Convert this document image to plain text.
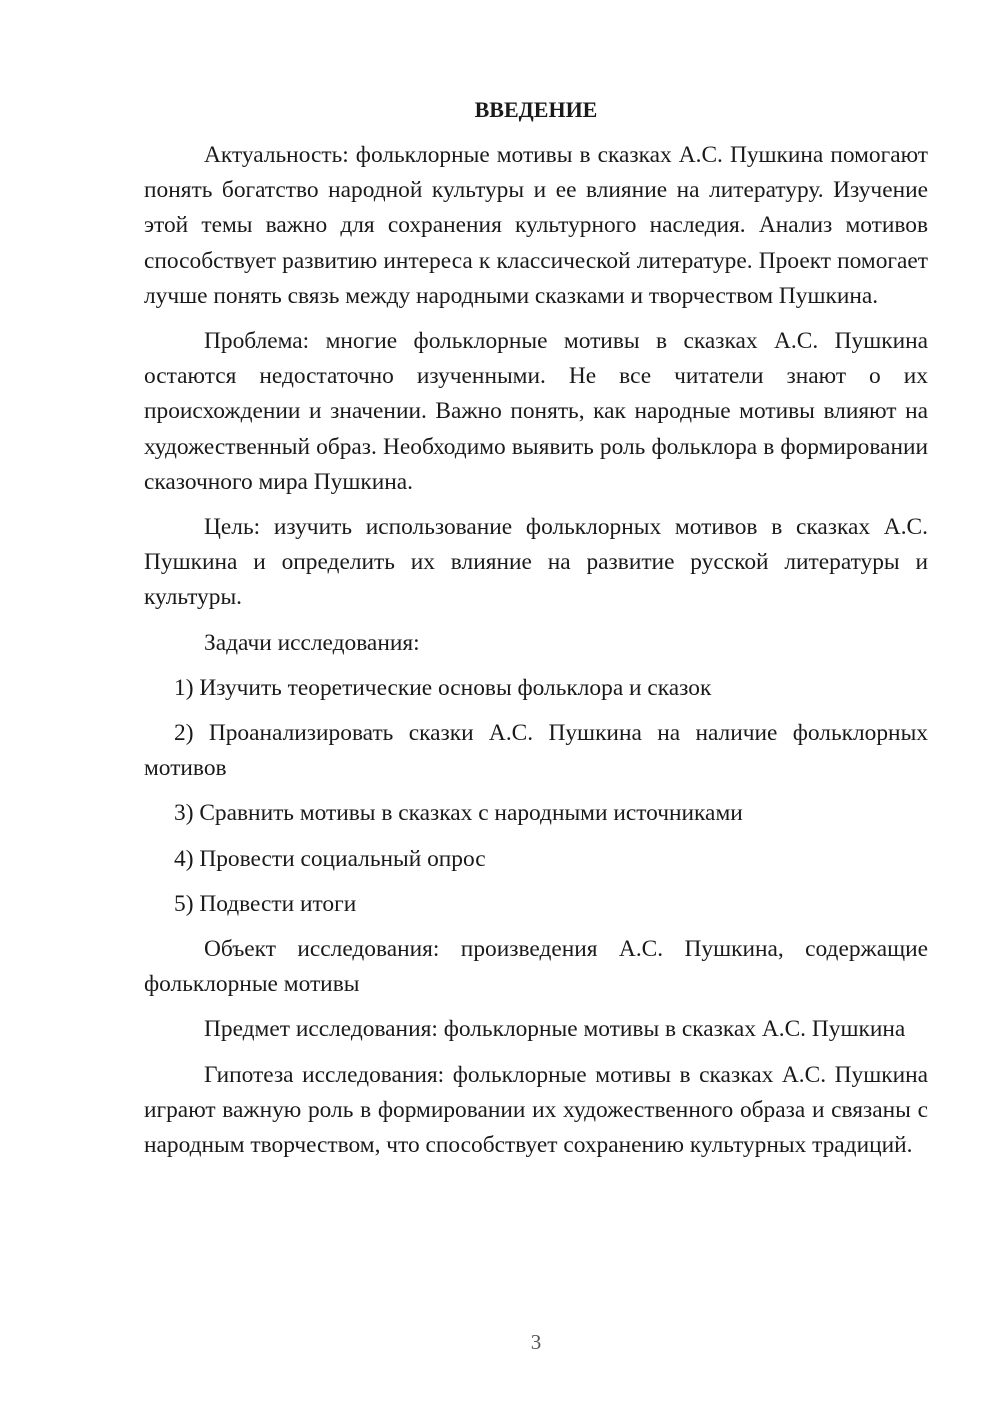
ВВЕДЕНИЕ

Актуальность: фольклорные мотивы в сказках А.С. Пушкина помогают понять богатство народной культуры и ее влияние на литературу. Изучение этой темы важно для сохранения культурного наследия. Анализ мотивов способствует развитию интереса к классической литературе. Проект помогает лучше понять связь между народными сказками и творчеством Пушкина.

Проблема: многие фольклорные мотивы в сказках А.С. Пушкина остаются недостаточно изученными. Не все читатели знают о их происхождении и значении. Важно понять, как народные мотивы влияют на художественный образ. Необходимо выявить роль фольклора в формировании сказочного мира Пушкина.

Цель: изучить использование фольклорных мотивов в сказках А.С. Пушкина и определить их влияние на развитие русской литературы и культуры.

Задачи исследования:

1) Изучить теоретические основы фольклора и сказок

2) Проанализировать сказки А.С. Пушкина на наличие фольклорных мотивов

3) Сравнить мотивы в сказках с народными источниками

4) Провести социальный опрос

5) Подвести итоги

Объект исследования: произведения А.С. Пушкина, содержащие фольклорные мотивы

Предмет исследования: фольклорные мотивы в сказках А.С. Пушкина

Гипотеза исследования: фольклорные мотивы в сказках А.С. Пушкина играют важную роль в формировании их художественного образа и связаны с народным творчеством, что способствует сохранению культурных традиций.

3
